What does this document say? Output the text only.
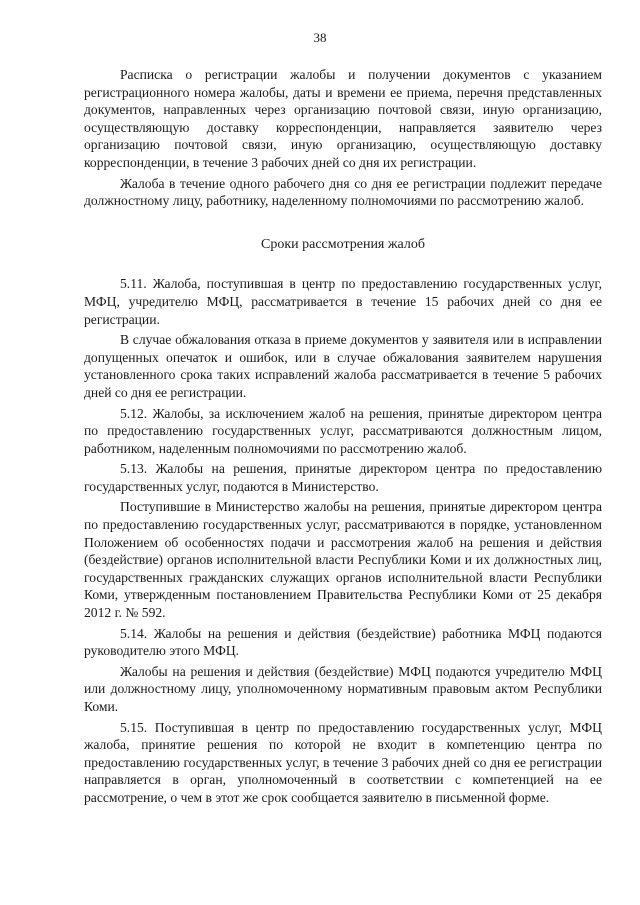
38

Расписка о регистрации жалобы и получении документов с указанием регистрационного номера жалобы, даты и времени ее приема, перечня представленных документов, направленных через организацию почтовой связи, иную организацию, осуществляющую доставку корреспонденции, направляется заявителю через организацию почтовой связи, иную организацию, осуществляющую доставку корреспонденции, в течение 3 рабочих дней со дня их регистрации.

Жалоба в течение одного рабочего дня со дня ее регистрации подлежит передаче должностному лицу, работнику, наделенному полномочиями по рассмотрению жалоб.

Сроки рассмотрения жалоб

5.11. Жалоба, поступившая в центр по предоставлению государственных услуг, МФЦ, учредителю МФЦ, рассматривается в течение 15 рабочих дней со дня ее регистрации.

В случае обжалования отказа в приеме документов у заявителя или в исправлении допущенных опечаток и ошибок, или в случае обжалования заявителем нарушения установленного срока таких исправлений жалоба рассматривается в течение 5 рабочих дней со дня ее регистрации.

5.12. Жалобы, за исключением жалоб на решения, принятые директором центра по предоставлению государственных услуг, рассматриваются должностным лицом, работником, наделенным полномочиями по рассмотрению жалоб.

5.13. Жалобы на решения, принятые директором центра по предоставлению государственных услуг, подаются в Министерство.

Поступившие в Министерство жалобы на решения, принятые директором центра по предоставлению государственных услуг, рассматриваются в порядке, установленном Положением об особенностях подачи и рассмотрения жалоб на решения и действия (бездействие) органов исполнительной власти Республики Коми и их должностных лиц, государственных гражданских служащих органов исполнительной власти Республики Коми, утвержденным постановлением Правительства Республики Коми от 25 декабря 2012 г. № 592.

5.14. Жалобы на решения и действия (бездействие) работника МФЦ подаются руководителю этого МФЦ.

Жалобы на решения и действия (бездействие) МФЦ подаются учредителю МФЦ или должностному лицу, уполномоченному нормативным правовым актом Республики Коми.

5.15. Поступившая в центр по предоставлению государственных услуг, МФЦ жалоба, принятие решения по которой не входит в компетенцию центра по предоставлению государственных услуг, в течение 3 рабочих дней со дня ее регистрации направляется в орган, уполномоченный в соответствии с компетенцией на ее рассмотрение, о чем в этот же срок сообщается заявителю в письменной форме.
